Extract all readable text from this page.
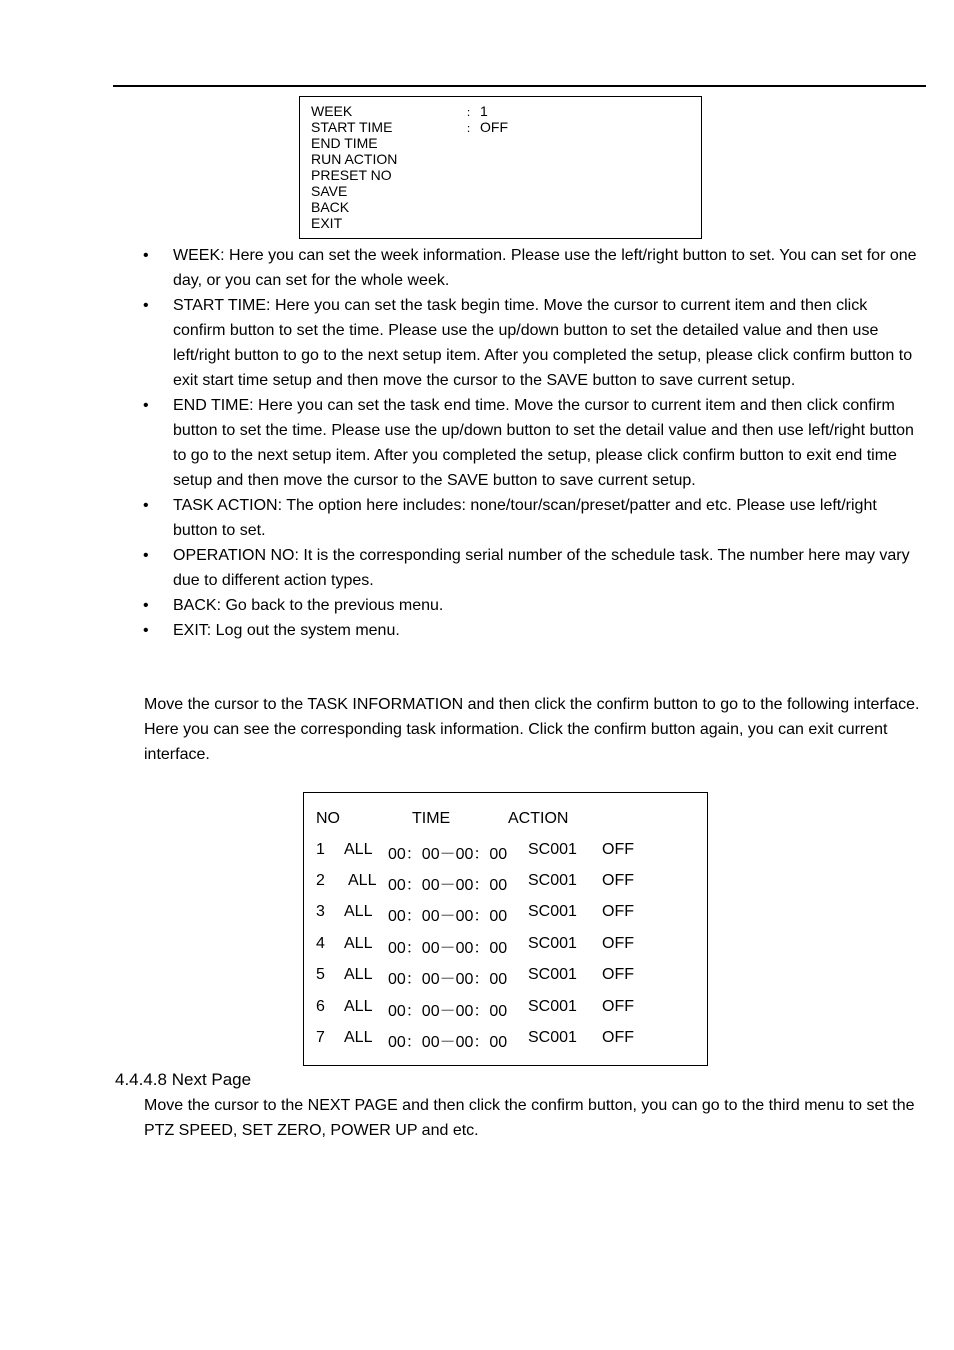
WEEK	： 1
START TIME	： OFF
END TIME
RUN ACTION
PRESET NO
SAVE
BACK
EXIT
• WEEK: Here you can set the week information. Please use the left/right button to set. You can set for one day, or you can set for the whole week.
• START TIME: Here you can set the task begin time. Move the cursor to current item and then click confirm button to set the time. Please use the up/down button to set the detailed value and then use left/right button to go to the next setup item. After you completed the setup, please click confirm button to exit start time setup and then move the cursor to the SAVE button to save current setup.
• END TIME: Here you can set the task end time. Move the cursor to current item and then click confirm button to set the time. Please use the up/down button to set the detail value and then use left/right button to go to the next setup item. After you completed the setup, please click confirm button to exit end time setup and then move the cursor to the SAVE button to save current setup.
• TASK ACTION: The option here includes: none/tour/scan/preset/patter and etc. Please use left/right button to set.
• OPERATION NO: It is the corresponding serial number of the schedule task. The number here may vary due to different action types.
• BACK: Go back to the previous menu.
• EXIT: Log out the system menu.

Move the cursor to the TASK INFORMATION and then click the confirm button to go to the following interface. Here you can see the corresponding task information. Click the confirm button again, you can exit current interface.

NO	TIME	ACTION
1 ALL 00：00－00：00 SC001 OFF
2 ALL 00：00－00：00 SC001 OFF
3 ALL 00：00－00：00 SC001 OFF
4 ALL 00：00－00：00 SC001 OFF
5 ALL 00：00－00：00 SC001 OFF
6 ALL 00：00－00：00 SC001 OFF
7 ALL 00：00－00：00 SC001 OFF
4.4.4.8 Next Page

Move the cursor to the NEXT PAGE and then click the confirm button, you can go to the third menu to set the PTZ SPEED, SET ZERO, POWER UP and etc.
